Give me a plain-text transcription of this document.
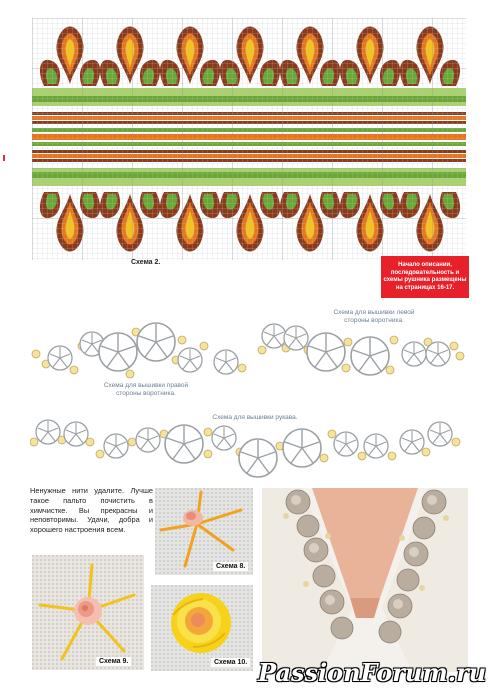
Схема 2.	Начало описании, последовательность и схемы рушника размещены на страницах 16-17.
Схема для вышивки левой стороны воротника.
Схема для вышивки правой стороны воротника.
Схема для вышивки рукава.
Ненужные нити удалите. Лучше такое пальто почистить в химчистке. Вы прекрасны и неповторимы. Удачи, добра и хорошего настроения всем.
Схема 8.
Схема 9.	Схема 10. PassionForum.ru
